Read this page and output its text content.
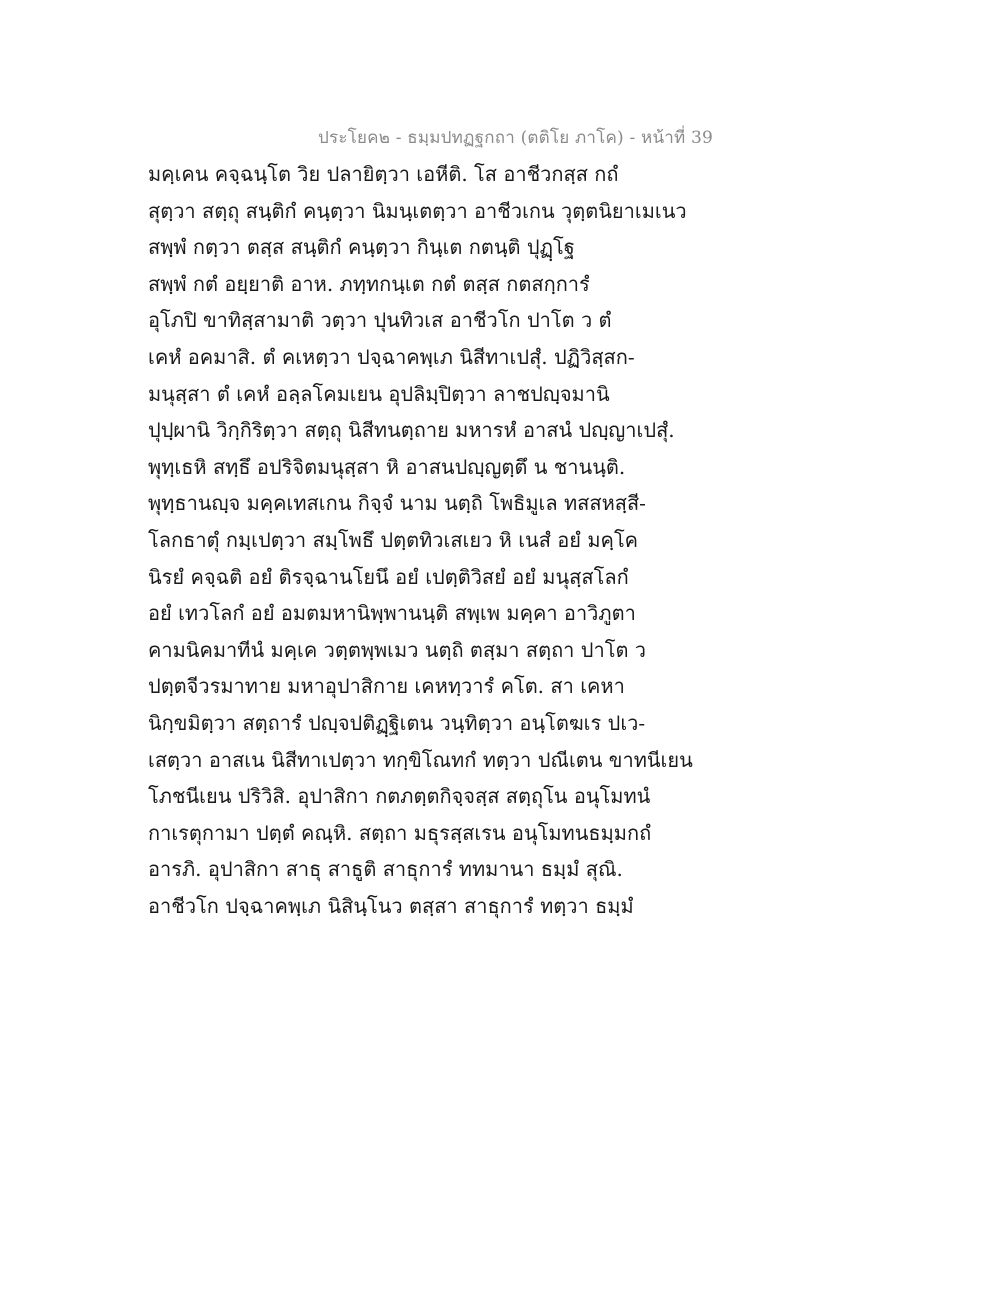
ประโยค๒ - ธมฺมปทฏฐกถา (ตติโย ภาโค) - หน้าที่ 39
มคฺเคน คจฺฉนฺโต วิย ปลายิตฺวา เอหีติ. โส อาชีวกสฺส กถํ
สุตฺวา สตฺถุ สนฺติกํ คนฺตฺวา นิมนฺเตตฺวา อาชีวเกน วุตฺตนิยาเมเนว
สพฺพํ กตฺวา ตสฺส สนฺติกํ คนฺตฺวา กินฺเต กตนฺติ ปุฏฺโฐ
สพฺพํ กตํ อยฺยาติ อาห. ภทฺทกนฺเต กตํ ตสฺส กตสกฺการํ
อุโภปิ ขาทิสฺสามาติ วตฺวา ปุนทิวเส อาชีวโก ปาโต ว ตํ
เคหํ อคมาสิ. ตํ คเหตฺวา ปจฺฉาคพฺเภ นิสีทาเปสุํ. ปฏิวิสฺสก-
มนุสฺสา ตํ เคหํ อลฺลโคมเยน อุปลิมฺปิตฺวา ลาชปญฺจมานิ
ปุปฺผานิ วิกฺกิริตฺวา สตฺถุ นิสีทนตฺถาย มหารหํ อาสนํ ปญฺญาเปสุํ.
พุทฺเธหิ สทฺธึ อปริจิตมนุสฺสา หิ อาสนปญฺญตฺตึ น ชานนฺติ.
พุทฺธานญฺจ มคฺคเทสเกน กิจฺจํ นาม นตฺถิ โพธิมูเล ทสสหสฺสี-
โลกธาตุํ กมฺเปตฺวา สมฺโพธึ ปตฺตทิวเสเยว หิ เนสํ อยํ มคฺโค
นิรยํ คจฺฉติ อยํ ติรจฺฉานโยนึ อยํ เปตฺติวิสยํ อยํ มนุสฺสโลกํ
อยํ เทวโลกํ อยํ อมตมหานิพฺพานนฺติ สพฺเพ มคฺคา อาวิภูตา
คามนิคมาทีนํ มคฺเค วตฺตพฺพเมว นตฺถิ ตสฺมา สตฺถา ปาโต ว
ปตฺตจีวรมาทาย มหาอุปาสิกาย เคหทฺวารํ คโต. สา เคหา
นิกฺขมิตฺวา สตฺถารํ ปญฺจปติฏฺฐิเตน วนฺทิตฺวา อนฺโตฆเร ปเว-
เสตฺวา อาสเน นิสีทาเปตฺวา ทกฺขิโณทกํ ทตฺวา ปณีเตน ขาทนีเยน
โภชนีเยน ปริวิสิ. อุปาสิกา กตภตฺตกิจฺจสฺส สตฺถุโน อนุโมทนํ
กาเรตุกามา ปตฺตํ คณฺหิ. สตฺถา มธุรสฺสเรน อนุโมทนธมฺมกถํ
อารภิ. อุปาสิกา สาธุ สาธูติ สาธุการํ ททมานา ธมฺมํ สุณิ.
อาชีวโก ปจฺฉาคพฺเภ นิสินฺโนว ตสฺสา สาธุการํ ทตฺวา ธมฺมํ
